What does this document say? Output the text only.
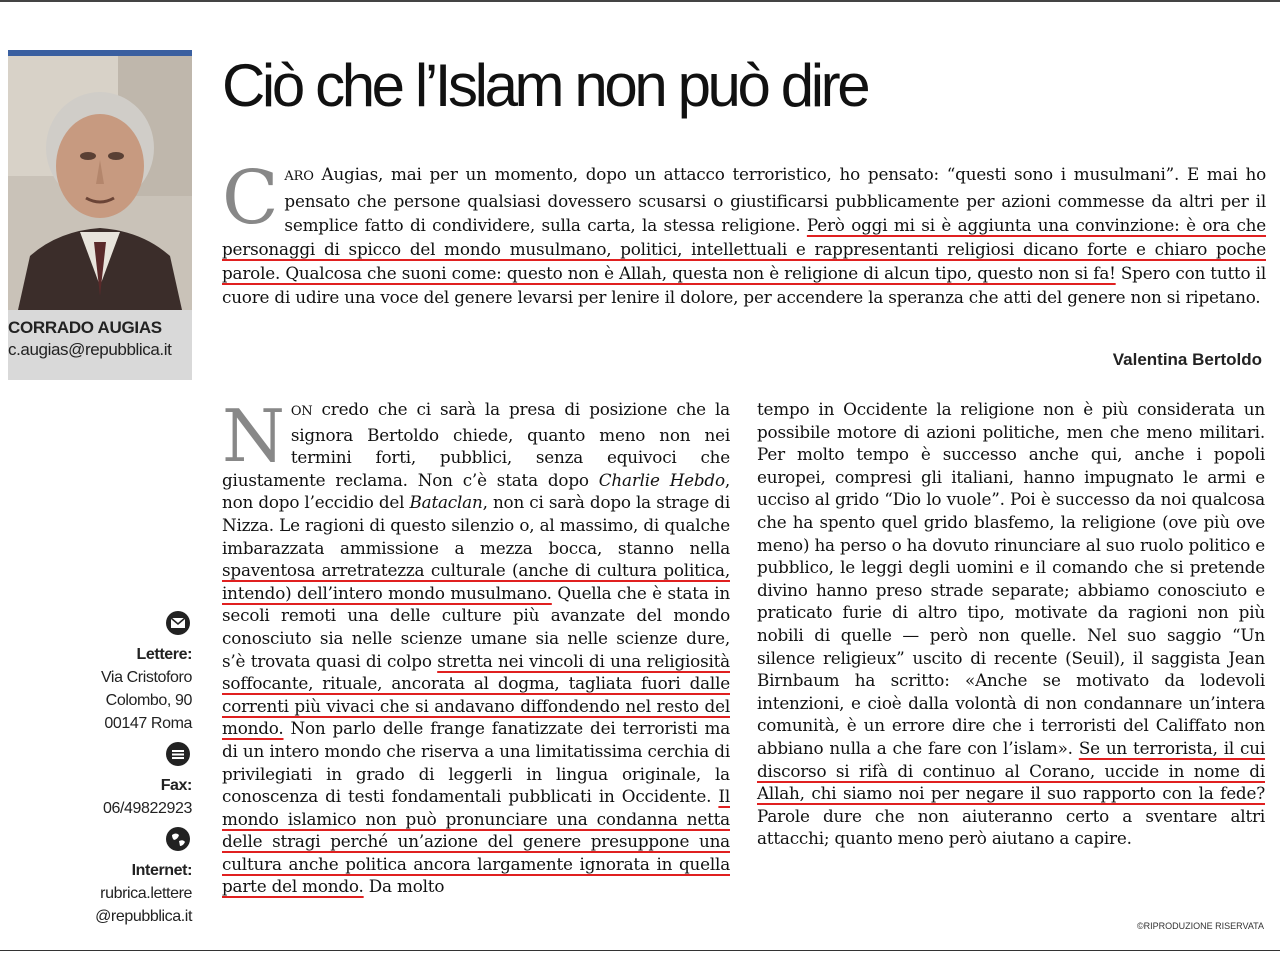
CORRADO AUGIAS
c.augias@repubblica.it
Lettere:
Via Cristoforo
Colombo, 90
00147 Roma
Fax:
06/49822923
Internet:
rubrica.lettere
@repubblica.it
Ciò che l’Islam non può dire
CARO Augias, mai per un momento, dopo un attacco terroristico, ho pensato: “questi sono i musulmani”. E mai ho pensato che persone qualsiasi dovessero scusarsi o giustificarsi pubblicamente per azioni commesse da altri per il semplice fatto di condividere, sulla carta, la stessa religione. Però oggi mi si è aggiunta una convinzione: è ora che personaggi di spicco del mondo musulmano, politici, intellettuali e rappresentanti religiosi dicano forte e chiaro poche parole. Qualcosa che suoni come: questo non è Allah, questa non è religione di alcun tipo, questo non si fa! Spero con tutto il cuore di udire una voce del genere levarsi per lenire il dolore, per accendere la speranza che atti del genere non si ripetano.
Valentina Bertoldo
NON credo che ci sarà la presa di posizione che la signora Bertoldo chiede, quanto meno non nei termini forti, pubblici, senza equivoci che giustamente reclama. Non c’è stata dopo Charlie Hebdo, non dopo l’eccidio del Bataclan, non ci sarà dopo la strage di Nizza. Le ragioni di questo silenzio o, al massimo, di qualche imbarazzata ammissione a mezza bocca, stanno nella spaventosa arretratezza culturale (anche di cultura politica, intendo) dell’intero mondo musulmano. Quella che è stata in secoli remoti una delle culture più avanzate del mondo conosciuto sia nelle scienze umane sia nelle scienze dure, s’è trovata quasi di colpo stretta nei vincoli di una religiosità soffocante, rituale, ancorata al dogma, tagliata fuori dalle correnti più vivaci che si andavano diffondendo nel resto del mondo. Non parlo delle frange fanatizzate dei terroristi ma di un intero mondo che riserva a una limitatissima cerchia di privilegiati in grado di leggerli in lingua originale, la conoscenza di testi fondamentali pubblicati in Occidente. Il mondo islamico non può pronunciare una condanna netta delle stragi perché un’azione del genere presuppone una cultura anche politica ancora largamente ignorata in quella parte del mondo. Da molto
tempo in Occidente la religione non è più considerata un possibile motore di azioni politiche, men che meno militari. Per molto tempo è successo anche qui, anche i popoli europei, compresi gli italiani, hanno impugnato le armi e ucciso al grido “Dio lo vuole”. Poi è successo da noi qualcosa che ha spento quel grido blasfemo, la religione (ove più ove meno) ha perso o ha dovuto rinunciare al suo ruolo politico e pubblico, le leggi degli uomini e il comando che si pretende divino hanno preso strade separate; abbiamo conosciuto e praticato furie di altro tipo, motivate da ragioni non più nobili di quelle — però non quelle. Nel suo saggio “Un silence religieux” uscito di recente (Seuil), il saggista Jean Birnbaum ha scritto: «Anche se motivato da lodevoli intenzioni, e cioè dalla volontà di non condannare un’intera comunità, è un errore dire che i terroristi del Califfato non abbiano nulla a che fare con l’islam». Se un terrorista, il cui discorso si rifà di continuo al Corano, uccide in nome di Allah, chi siamo noi per negare il suo rapporto con la fede? Parole dure che non aiuteranno certo a sventare altri attacchi; quanto meno però aiutano a capire.
©RIPRODUZIONE RISERVATA
